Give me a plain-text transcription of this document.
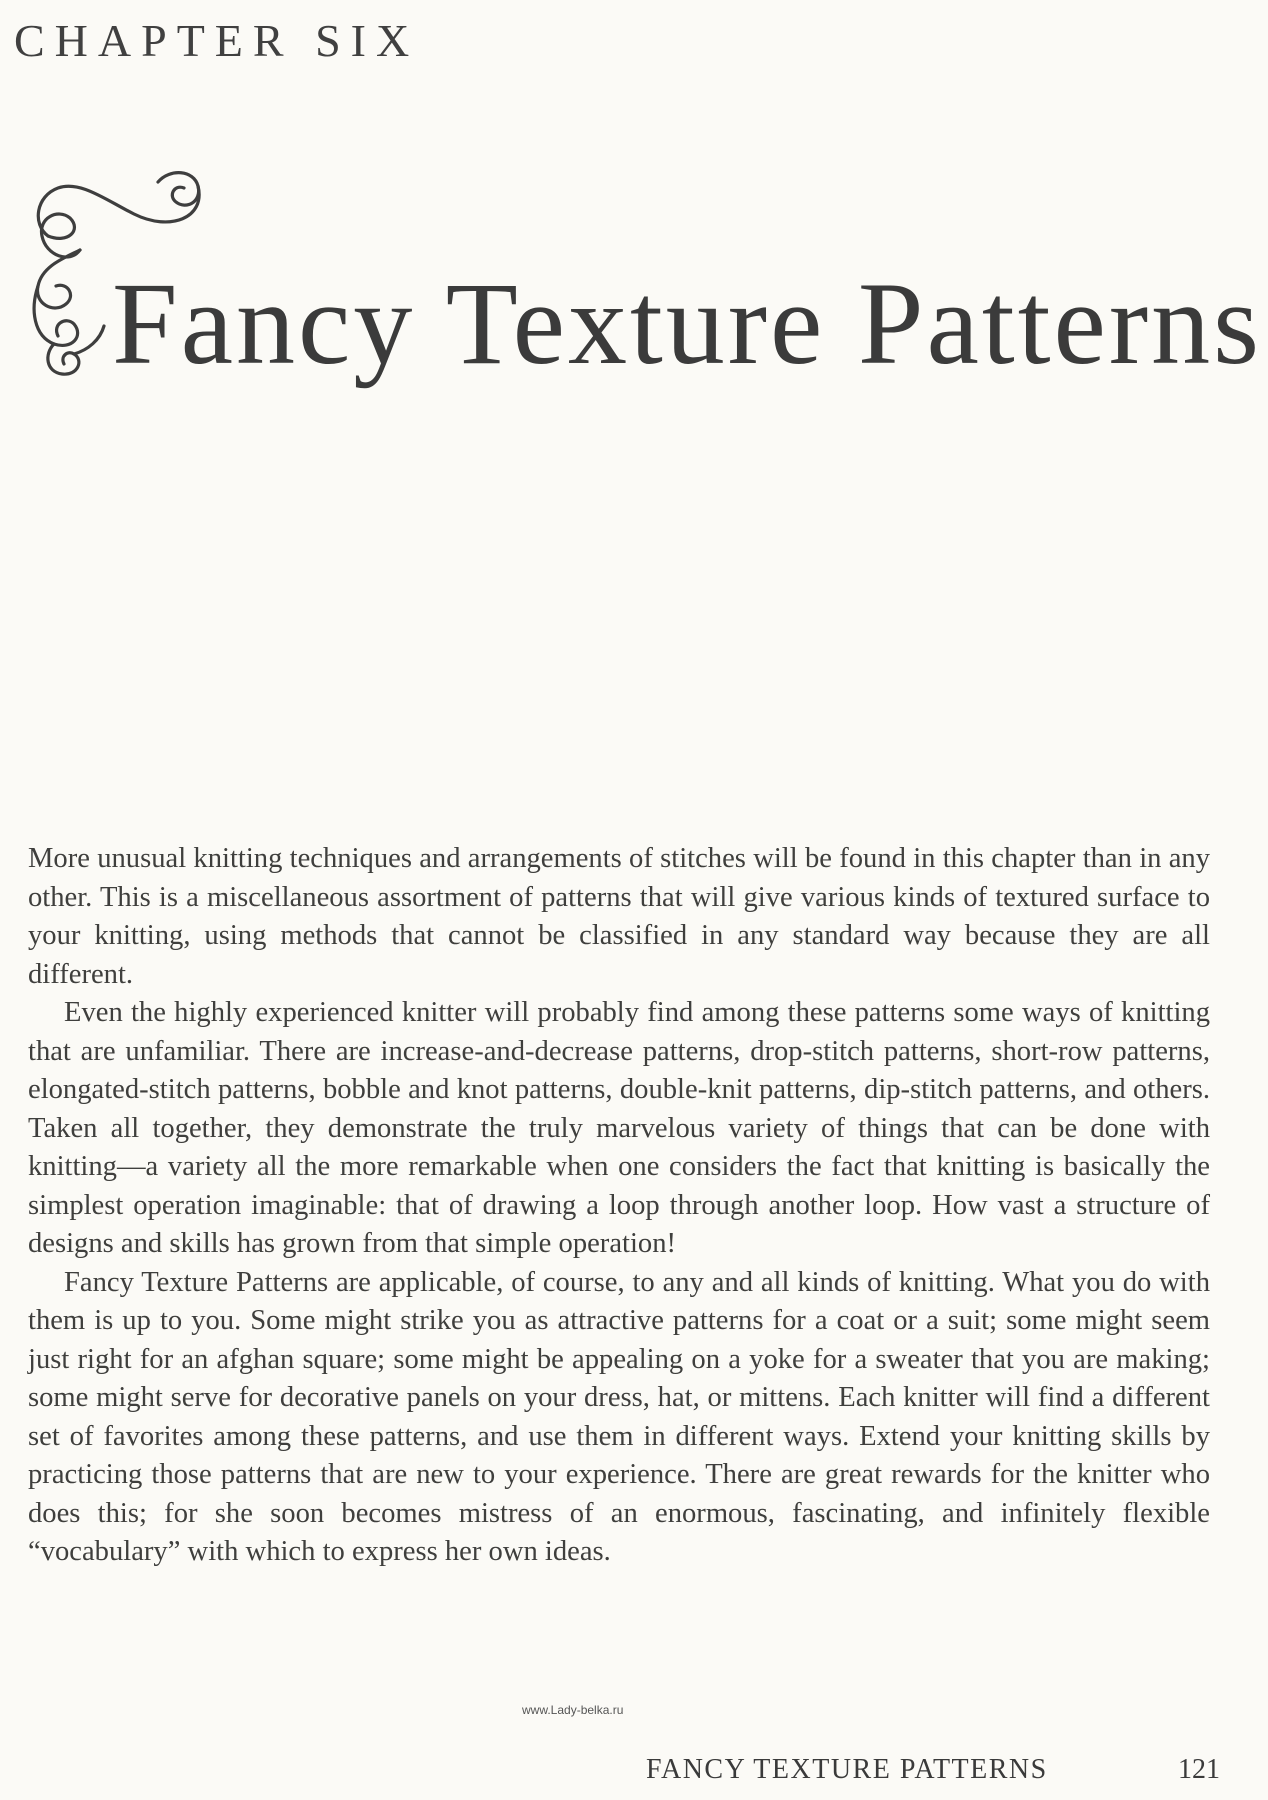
CHAPTER SIX
Fancy Texture Patterns

More unusual knitting techniques and arrangements of stitches will be found in this chapter than in any other. This is a miscellaneous assortment of patterns that will give various kinds of textured surface to your knitting, using methods that cannot be classified in any standard way because they are all different.

Even the highly experienced knitter will probably find among these patterns some ways of knitting that are unfamiliar. There are increase-and-decrease patterns, drop-stitch patterns, short-row patterns, elongated-stitch patterns, bobble and knot patterns, double-knit patterns, dip-stitch patterns, and others. Taken all together, they demonstrate the truly marvelous variety of things that can be done with knitting—a variety all the more remarkable when one considers the fact that knitting is basically the simplest operation imaginable: that of drawing a loop through another loop. How vast a structure of designs and skills has grown from that simple operation!

Fancy Texture Patterns are applicable, of course, to any and all kinds of knitting. What you do with them is up to you. Some might strike you as attractive patterns for a coat or a suit; some might seem just right for an afghan square; some might be appealing on a yoke for a sweater that you are making; some might serve for decorative panels on your dress, hat, or mittens. Each knitter will find a different set of favorites among these patterns, and use them in different ways. Extend your knitting skills by practicing those patterns that are new to your experience. There are great rewards for the knitter who does this; for she soon becomes mistress of an enormous, fascinating, and infinitely flexible “vocabulary” with which to express her own ideas.

www.Lady-belka.ru
FANCY TEXTURE PATTERNS	121
